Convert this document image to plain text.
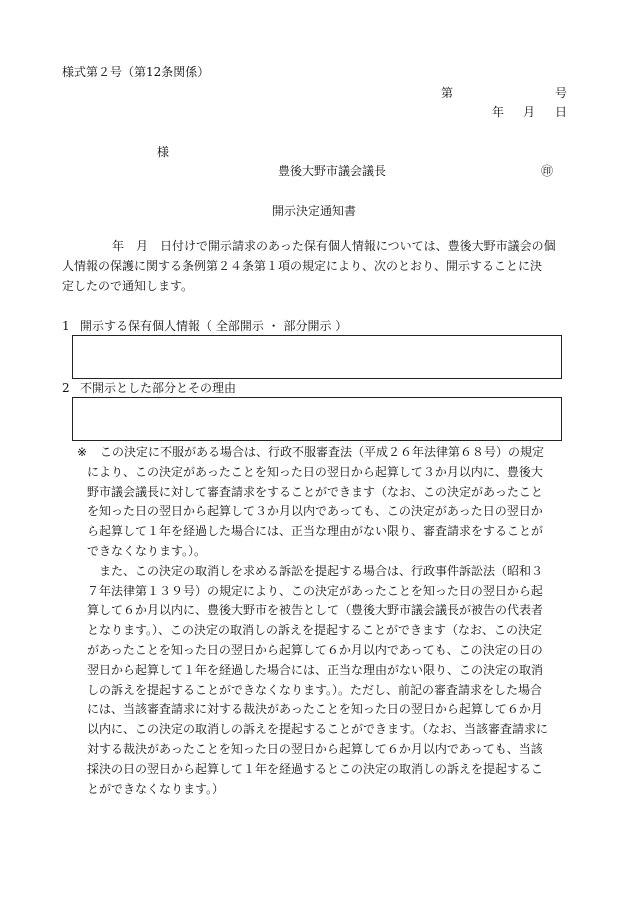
様式第２号（第12条関係）
第	号
年 月 日
様
豊後大野市議会議長	㊞
開示決定通知書
年　月　日付けで開示請求のあった保有個人情報については、豊後大野市議会の個
人情報の保護に関する条例第２４条第１項の規定により、次のとおり、開示することに決
定したので通知します。
1 開示する保有個人情報（ 全部開示 ・ 部分開示 ）
2 不開示とした部分とその理由
※	この決定に不服がある場合は、行政不服審査法（平成２６年法律第６８号）の規定
により、この決定があったことを知った日の翌日から起算して３か月以内に、豊後大
野市議会議長に対して審査請求をすることができます（なお、この決定があったこと
を知った日の翌日から起算して３か月以内であっても、この決定があった日の翌日か
ら起算して１年を経過した場合には、正当な理由がない限り、審査請求をすることが
できなくなります。）。
また、この決定の取消しを求める訴訟を提起する場合は、行政事件訴訟法（昭和３
７年法律第１３９号）の規定により、この決定があったことを知った日の翌日から起
算して６か月以内に、豊後大野市を被告として（豊後大野市議会議長が被告の代表者
となります。）、この決定の取消しの訴えを提起することができます（なお、この決定
があったことを知った日の翌日から起算して６か月以内であっても、この決定の日の
翌日から起算して１年を経過した場合には、正当な理由がない限り、この決定の取消
しの訴えを提起することができなくなります。）。ただし、前記の審査請求をした場合
には、当該審査請求に対する裁決があったことを知った日の翌日から起算して６か月
以内に、この決定の取消しの訴えを提起することができます。（なお、当該審査請求に
対する裁決があったことを知った日の翌日から起算して６か月以内であっても、当該
採決の日の翌日から起算して１年を経過するとこの決定の取消しの訴えを提起するこ
とができなくなります。）
